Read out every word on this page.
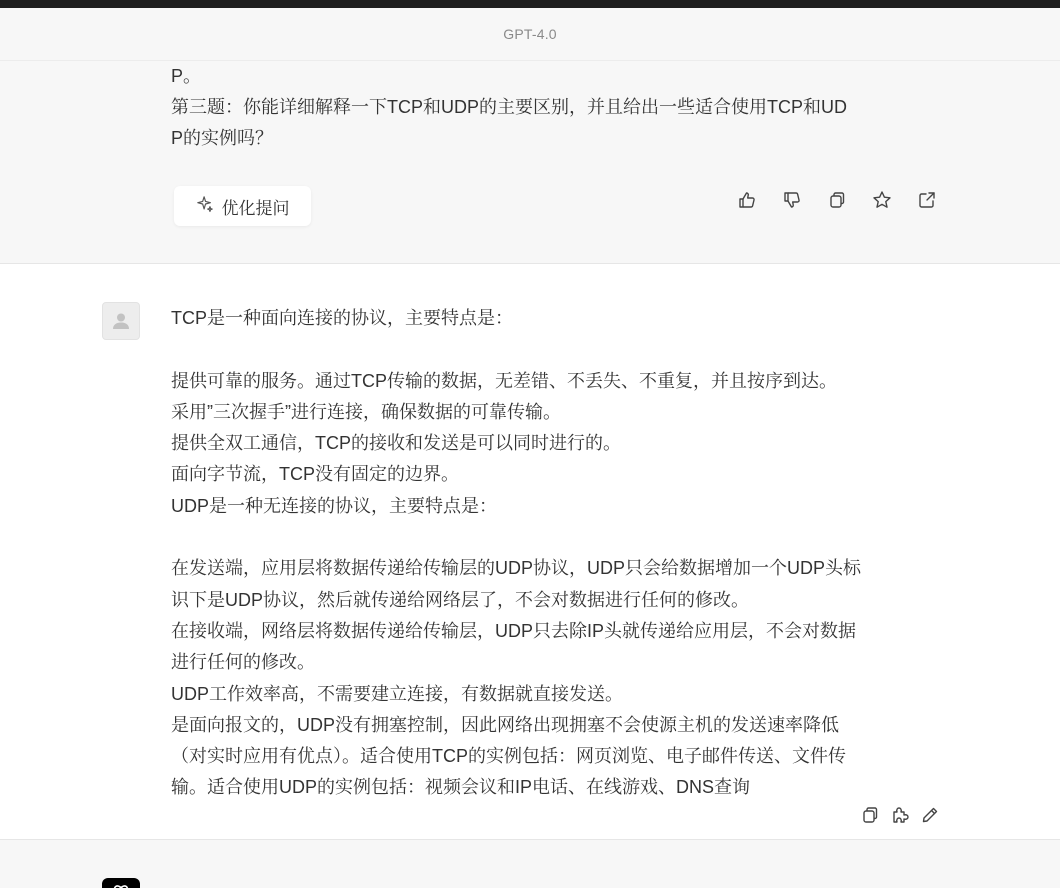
GPT-4.0
P。
第三题：你能详细解释一下TCP和UDP的主要区别，并且给出一些适合使用TCP和UD
P的实例吗？
优化提问
TCP是一种面向连接的协议，主要特点是：
提供可靠的服务。通过TCP传输的数据，无差错、不丢失、不重复，并且按序到达。
采用”三次握手”进行连接，确保数据的可靠传输。
提供全双工通信，TCP的接收和发送是可以同时进行的。
面向字节流，TCP没有固定的边界。
UDP是一种无连接的协议，主要特点是：
在发送端，应用层将数据传递给传输层的UDP协议，UDP只会给数据增加一个UDP头标
识下是UDP协议，然后就传递给网络层了，不会对数据进行任何的修改。
在接收端，网络层将数据传递给传输层，UDP只去除IP头就传递给应用层，不会对数据
进行任何的修改。
UDP工作效率高，不需要建立连接，有数据就直接发送。
是面向报文的，UDP没有拥塞控制，因此网络出现拥塞不会使源主机的发送速率降低
（对实时应用有优点）。适合使用TCP的实例包括：网页浏览、电子邮件传送、文件传
输。适合使用UDP的实例包括：视频会议和IP电话、在线游戏、DNS查询
